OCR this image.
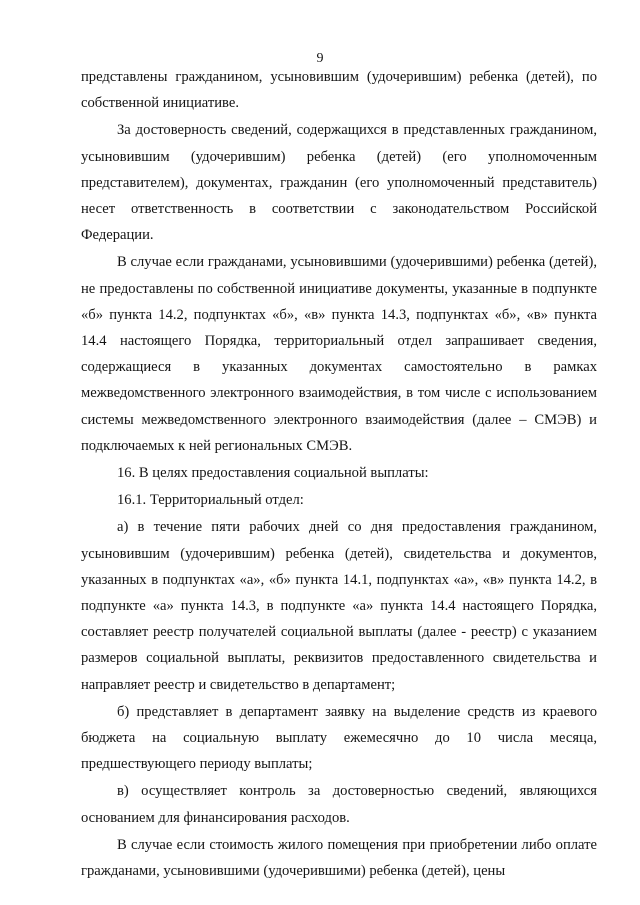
9

представлены гражданином, усыновившим (удочерившим) ребенка (детей), по собственной инициативе.

За достоверность сведений, содержащихся в представленных гражданином, усыновившим (удочерившим) ребенка (детей) (его уполномоченным представителем), документах, гражданин (его уполномоченный представитель) несет ответственность в соответствии с законодательством Российской Федерации.

В случае если гражданами, усыновившими (удочерившими) ребенка (детей), не предоставлены по собственной инициативе документы, указанные в подпункте «б» пункта 14.2, подпунктах «б», «в» пункта 14.3, подпунктах «б», «в» пункта 14.4 настоящего Порядка, территориальный отдел запрашивает сведения, содержащиеся в указанных документах самостоятельно в рамках межведомственного электронного взаимодействия, в том числе с использованием системы межведомственного электронного взаимодействия (далее – СМЭВ) и подключаемых к ней региональных СМЭВ.

16. В целях предоставления социальной выплаты:

16.1. Территориальный отдел:

а) в течение пяти рабочих дней со дня предоставления гражданином, усыновившим (удочерившим) ребенка (детей), свидетельства и документов, указанных в подпунктах «а», «б» пункта 14.1, подпунктах «а», «в» пункта 14.2, в подпункте «а» пункта 14.3, в подпункте «а» пункта 14.4 настоящего Порядка, составляет реестр получателей социальной выплаты (далее - реестр) с указанием размеров социальной выплаты, реквизитов предоставленного свидетельства и направляет реестр и свидетельство в департамент;

б) представляет в департамент заявку на выделение средств из краевого бюджета на социальную выплату ежемесячно до 10 числа месяца, предшествующего периоду выплаты;

в) осуществляет контроль за достоверностью сведений, являющихся основанием для финансирования расходов.

В случае если стоимость жилого помещения при приобретении либо оплате гражданами, усыновившими (удочерившими) ребенка (детей), цены
